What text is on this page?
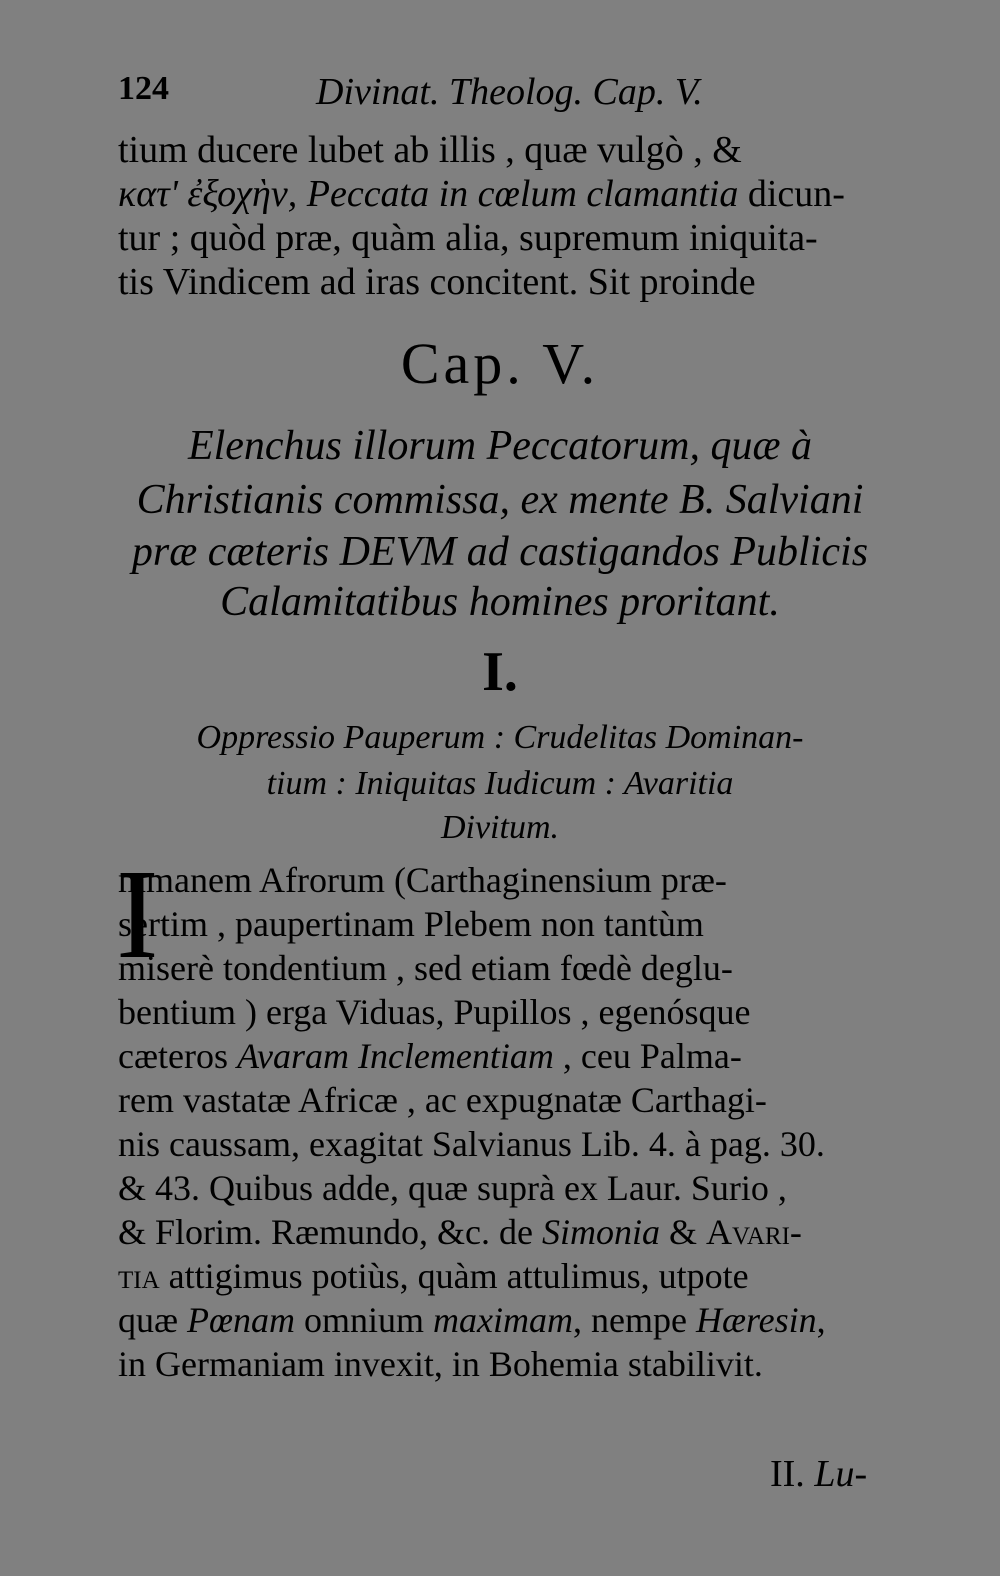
124	Divinat. Theolog. Cap. V.
tium ducere lubet ab illis , quæ vulgò , &
κατ' ἐξοχὴν, Peccata in cœlum clamantia dicun-
tur ; quòd præ, quàm alia, supremum iniquita-
tis Vindicem ad iras concitent. Sit proinde
Cap. V.
Elenchus illorum Peccatorum, quæ à
Christianis commissa, ex mente B. Salviani
præ cæteris DEVM ad castigandos Publicis
Calamitatibus homines proritant.
I.
Oppressio Pauperum : Crudelitas Dominan-
tium : Iniquitas Iudicum : Avaritia
Divitum.
I
mmanem Afrorum (Carthaginensium præ-
sertim , paupertinam Plebem non tantùm
miserè tondentium , sed etiam fœdè deglu-
bentium ) erga Viduas, Pupillos , egenósque
cæteros Avaram Inclementiam , ceu Palma-
rem vastatæ Africæ , ac expugnatæ Carthagi-
nis caussam, exagitat Salvianus Lib. 4. à pag. 30.
& 43. Quibus adde, quæ suprà ex Laur. Surio ,
& Florim. Ræmundo, &c. de Simonia & Avari-
tia attigimus potiùs, quàm attulimus, utpote
quæ Pœnam omnium maximam, nempe Hæresin,
in Germaniam invexit, in Bohemia stabilivit.
II. Lu-
